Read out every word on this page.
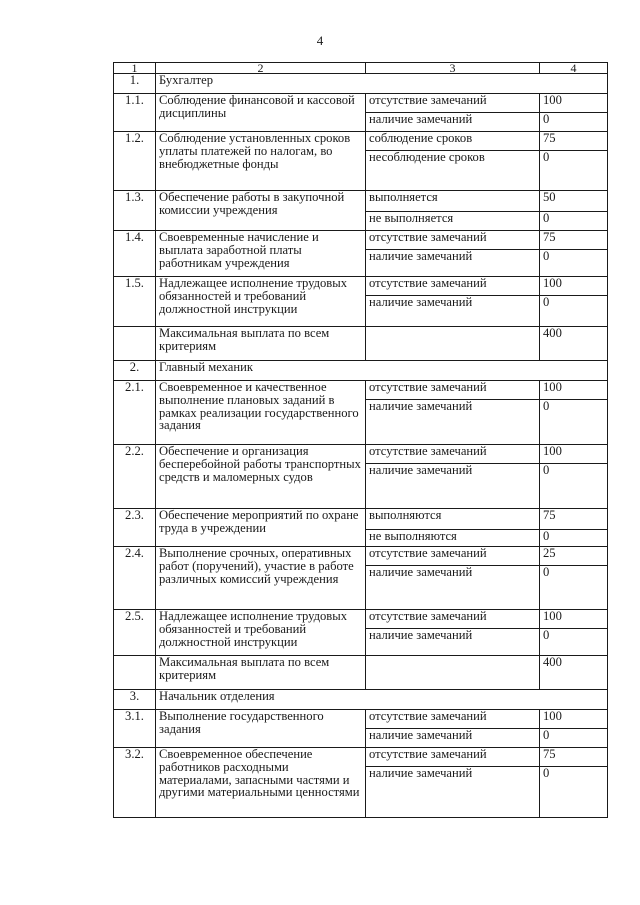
4
1	2	3	4
1.	Бухгалтер		
1.1.	Соблюдение финансовой и кассовой дисциплины	отсутствие замечаний	100
		наличие замечаний	0
1.2.	Соблюдение установленных сроков уплаты платежей по налогам, во внебюджетные фонды	соблюдение сроков	75
		несоблюдение сроков	0
1.3.	Обеспечение работы в закупочной комиссии учреждения	выполняется	50
		не выполняется	0
1.4.	Своевременные начисление и выплата заработной платы работникам учреждения	отсутствие замечаний	75
		наличие замечаний	0
1.5.	Надлежащее исполнение трудовых обязанностей и требований должностной инструкции	отсутствие замечаний	100
		наличие замечаний	0
	Максимальная выплата по всем критериям		400
2.	Главный механик		
2.1.	Своевременное и качественное выполнение плановых заданий в рамках реализации государственного задания	отсутствие замечаний	100
		наличие замечаний	0
2.2.	Обеспечение и организация бесперебойной работы транспортных средств и маломерных судов	отсутствие замечаний	100
		наличие замечаний	0
2.3.	Обеспечение мероприятий по охране труда в учреждении	выполняются	75
		не выполняются	0
2.4.	Выполнение срочных, оперативных работ (поручений), участие в работе различных комиссий учреждения	отсутствие замечаний	25
		наличие замечаний	0
2.5.	Надлежащее исполнение трудовых обязанностей и требований должностной инструкции	отсутствие замечаний	100
		наличие замечаний	0
	Максимальная выплата по всем критериям		400
3.	Начальник отделения		
3.1.	Выполнение государственного задания	отсутствие замечаний	100
		наличие замечаний	0
3.2.	Своевременное обеспечение работников расходными материалами, запасными частями и другими материальными ценностями	отсутствие замечаний	75
		наличие замечаний	0
